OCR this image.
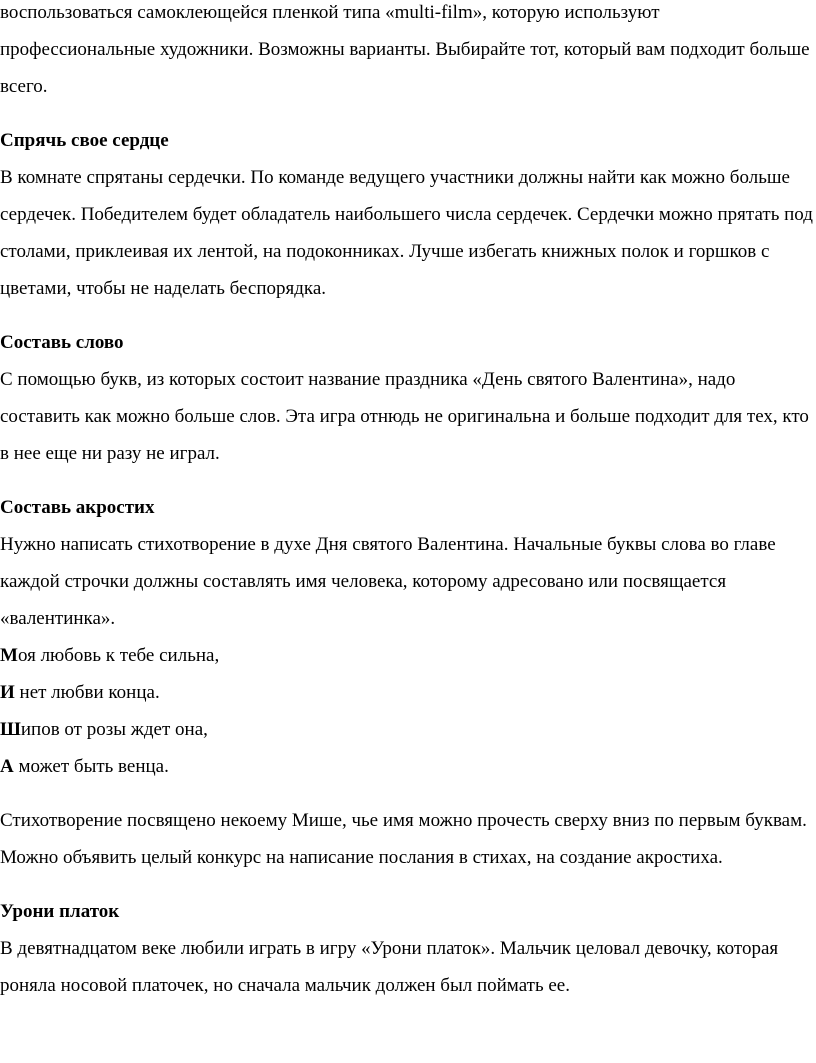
воспользоваться самоклеющейся пленкой типа «multi-film», которую используют профессиональные художники. Возможны варианты. Выбирайте тот, который вам подходит больше всего.

Спрячь свое сердце

В комнате спрятаны сердечки. По команде ведущего участники должны найти как можно больше сердечек. Победителем будет обладатель наибольшего числа сердечек. Сердечки можно прятать под столами, приклеивая их лентой, на подоконниках. Лучше избегать книжных полок и горшков с цветами, чтобы не наделать беспорядка.

Составь слово

С помощью букв, из которых состоит название праздника «День святого Валентина», надо составить как можно больше слов. Эта игра отнюдь не оригинальна и больше подходит для тех, кто в нее еще ни разу не играл.

Составь акростих

Нужно написать стихотворение в духе Дня святого Валентина. Начальные буквы слова во главе каждой строчки должны составлять имя человека, которому адресовано или посвящается «валентинка».

Моя любовь к тебе сильна,

И нет любви конца.

Шипов от розы ждет она,

А может быть венца.

Стихотворение посвящено некоему Мише, чье имя можно прочесть сверху вниз по первым буквам. Можно объявить целый конкурс на написание послания в стихах, на создание акростиха.

Урони платок

В девятнадцатом веке любили играть в игру «Урони платок». Мальчик целовал девочку, которая роняла носовой платочек, но сначала мальчик должен был поймать ее.
